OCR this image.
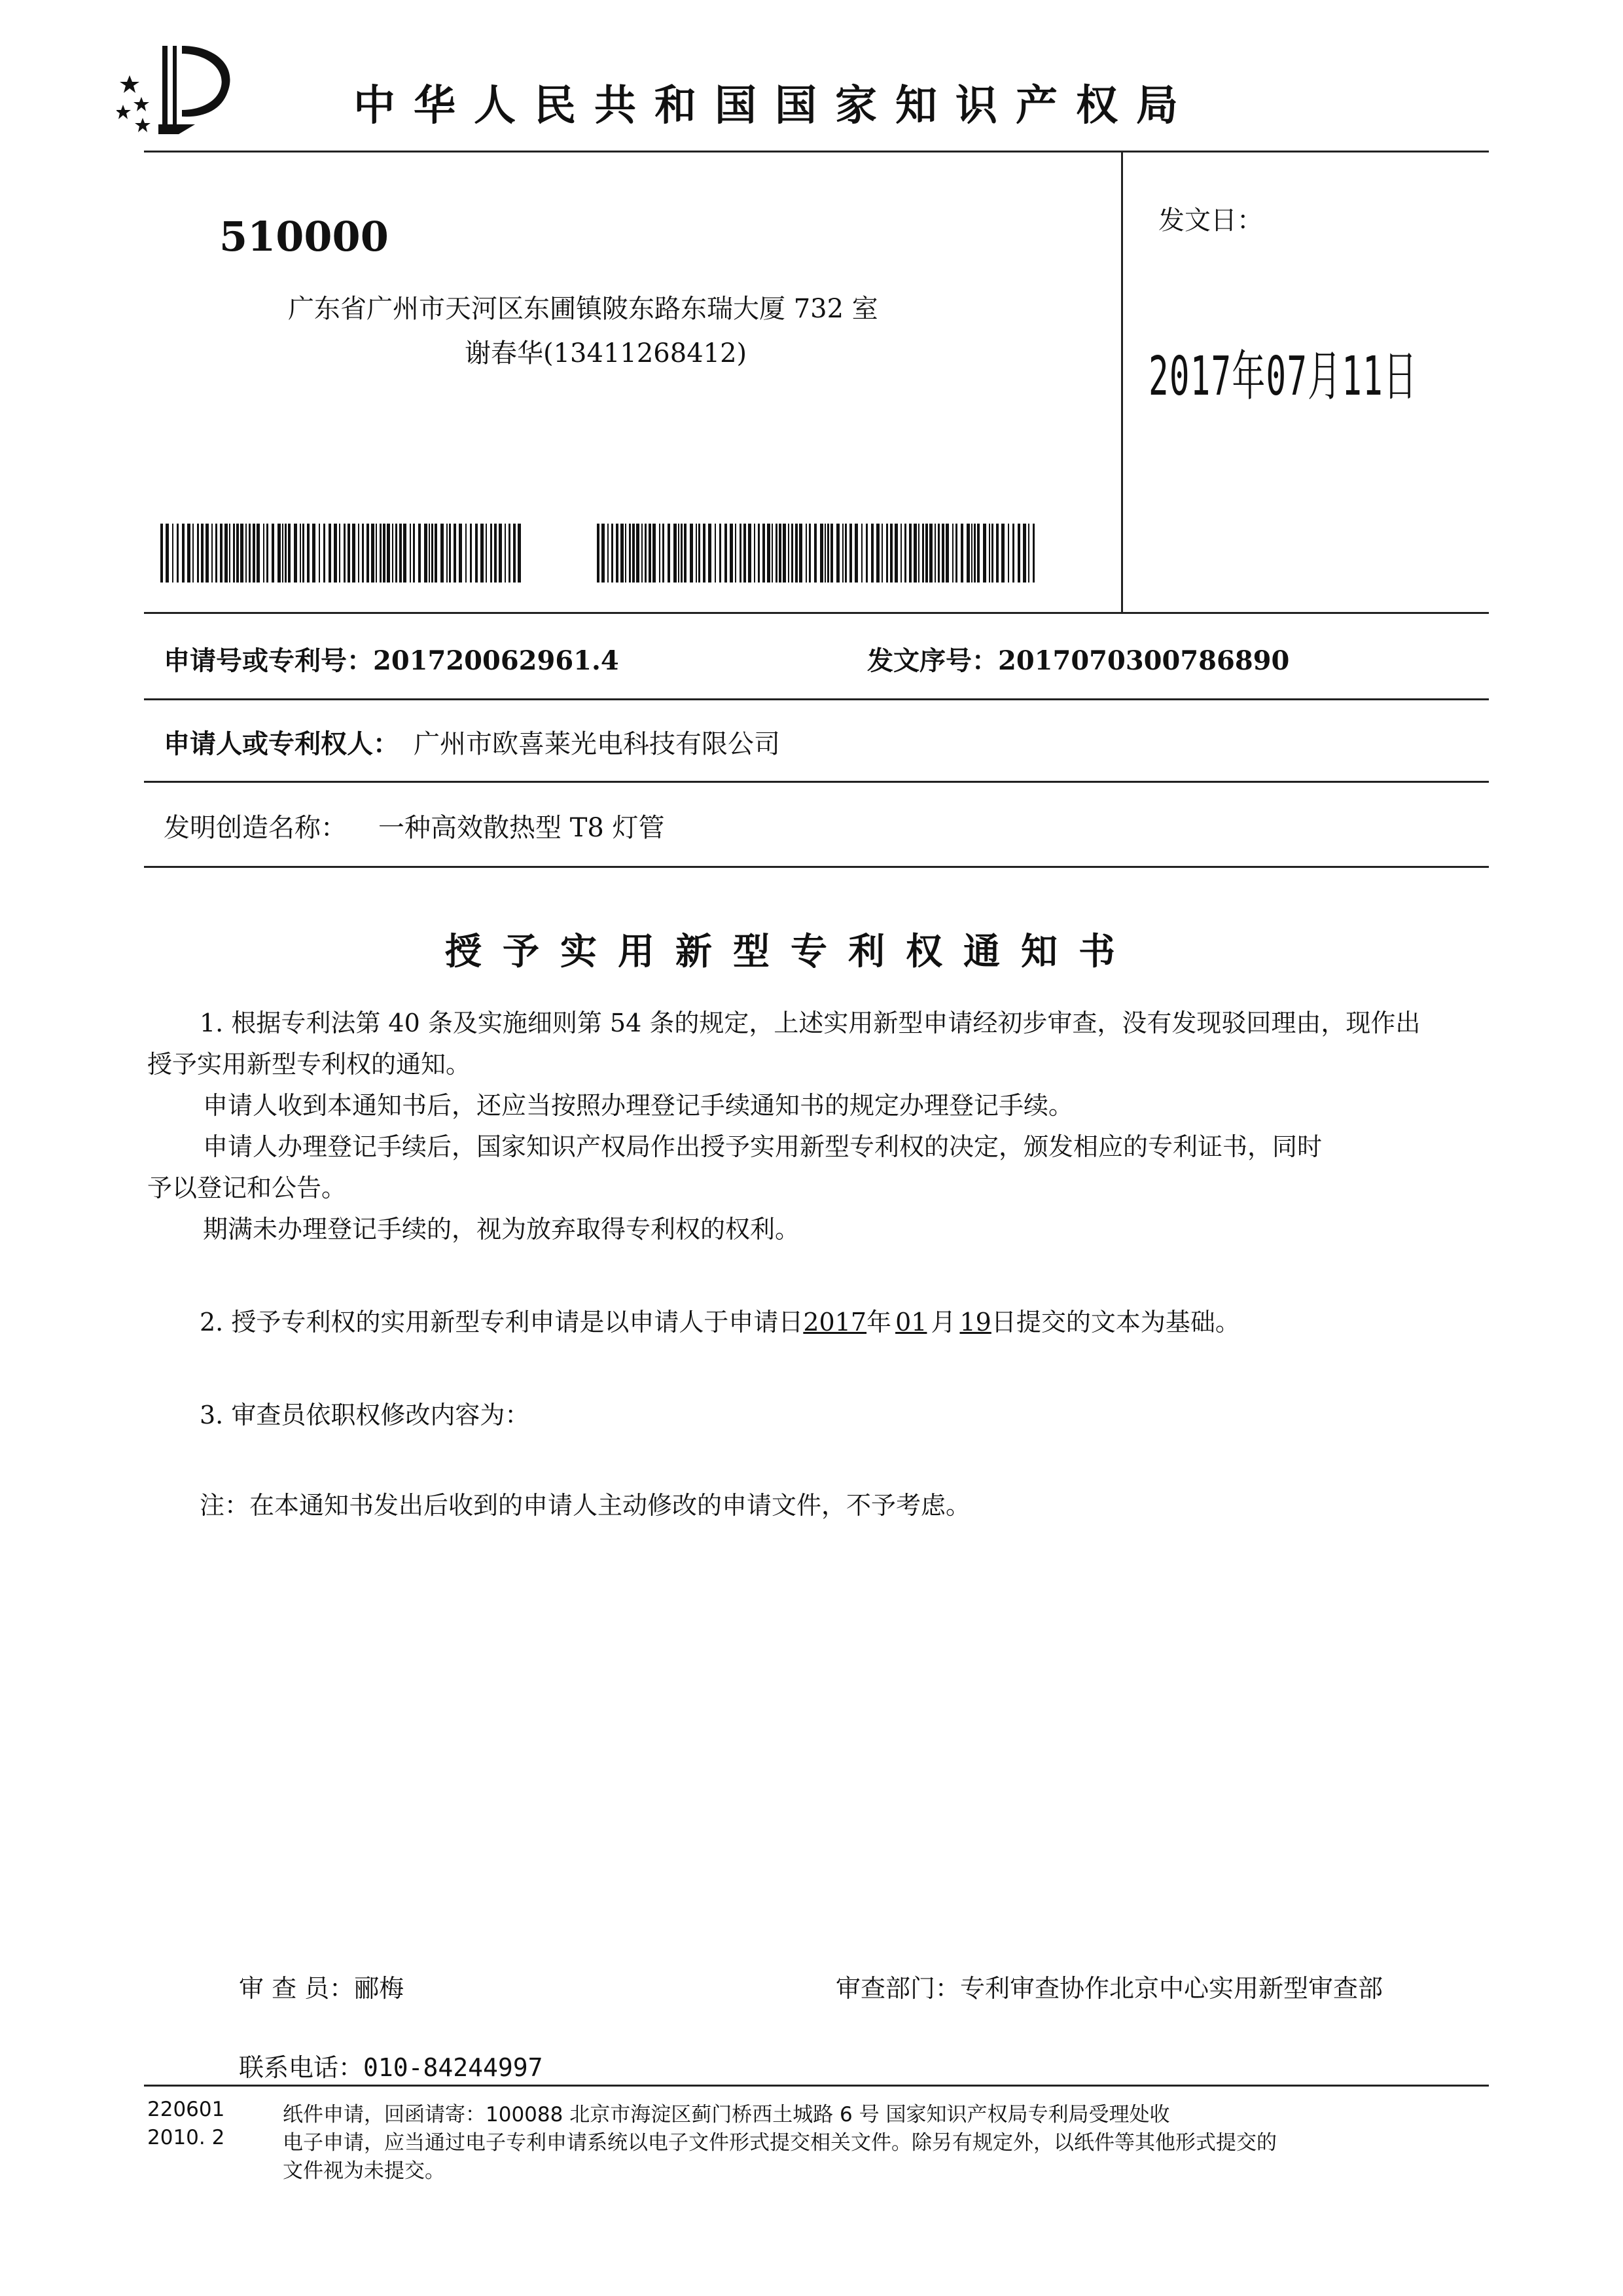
中华人民共和国国家知识产权局
510000
广东省广州市天河区东圃镇陂东路东瑞大厦 732 室
谢春华(13411268412)
发文日：
2017年07月11日
申请号或专利号：201720062961.4	发文序号：2017070300786890
申请人或专利权人： 广州市欧喜莱光电科技有限公司
发明创造名称： 一种高效散热型 T8 灯管
授予实用新型专利权通知书
1. 根据专利法第 40 条及实施细则第 54 条的规定，上述实用新型申请经初步审查，没有发现驳回理由，现作出
授予实用新型专利权的通知。
申请人收到本通知书后，还应当按照办理登记手续通知书的规定办理登记手续。
申请人办理登记手续后，国家知识产权局作出授予实用新型专利权的决定，颁发相应的专利证书，同时
予以登记和公告。
期满未办理登记手续的，视为放弃取得专利权的权利。
2. 授予专利权的实用新型专利申请是以申请人于申请日2017年 01 月 19日提交的文本为基础。
3. 审查员依职权修改内容为：
注：在本通知书发出后收到的申请人主动修改的申请文件，不予考虑。
审 查 员：郦梅	审查部门：专利审查协作北京中心实用新型审查部
联系电话：010-84244997
220601
2010. 2
纸件申请，回函请寄：100088 北京市海淀区蓟门桥西土城路 6 号 国家知识产权局专利局受理处收
电子申请，应当通过电子专利申请系统以电子文件形式提交相关文件。除另有规定外，以纸件等其他形式提交的
文件视为未提交。
